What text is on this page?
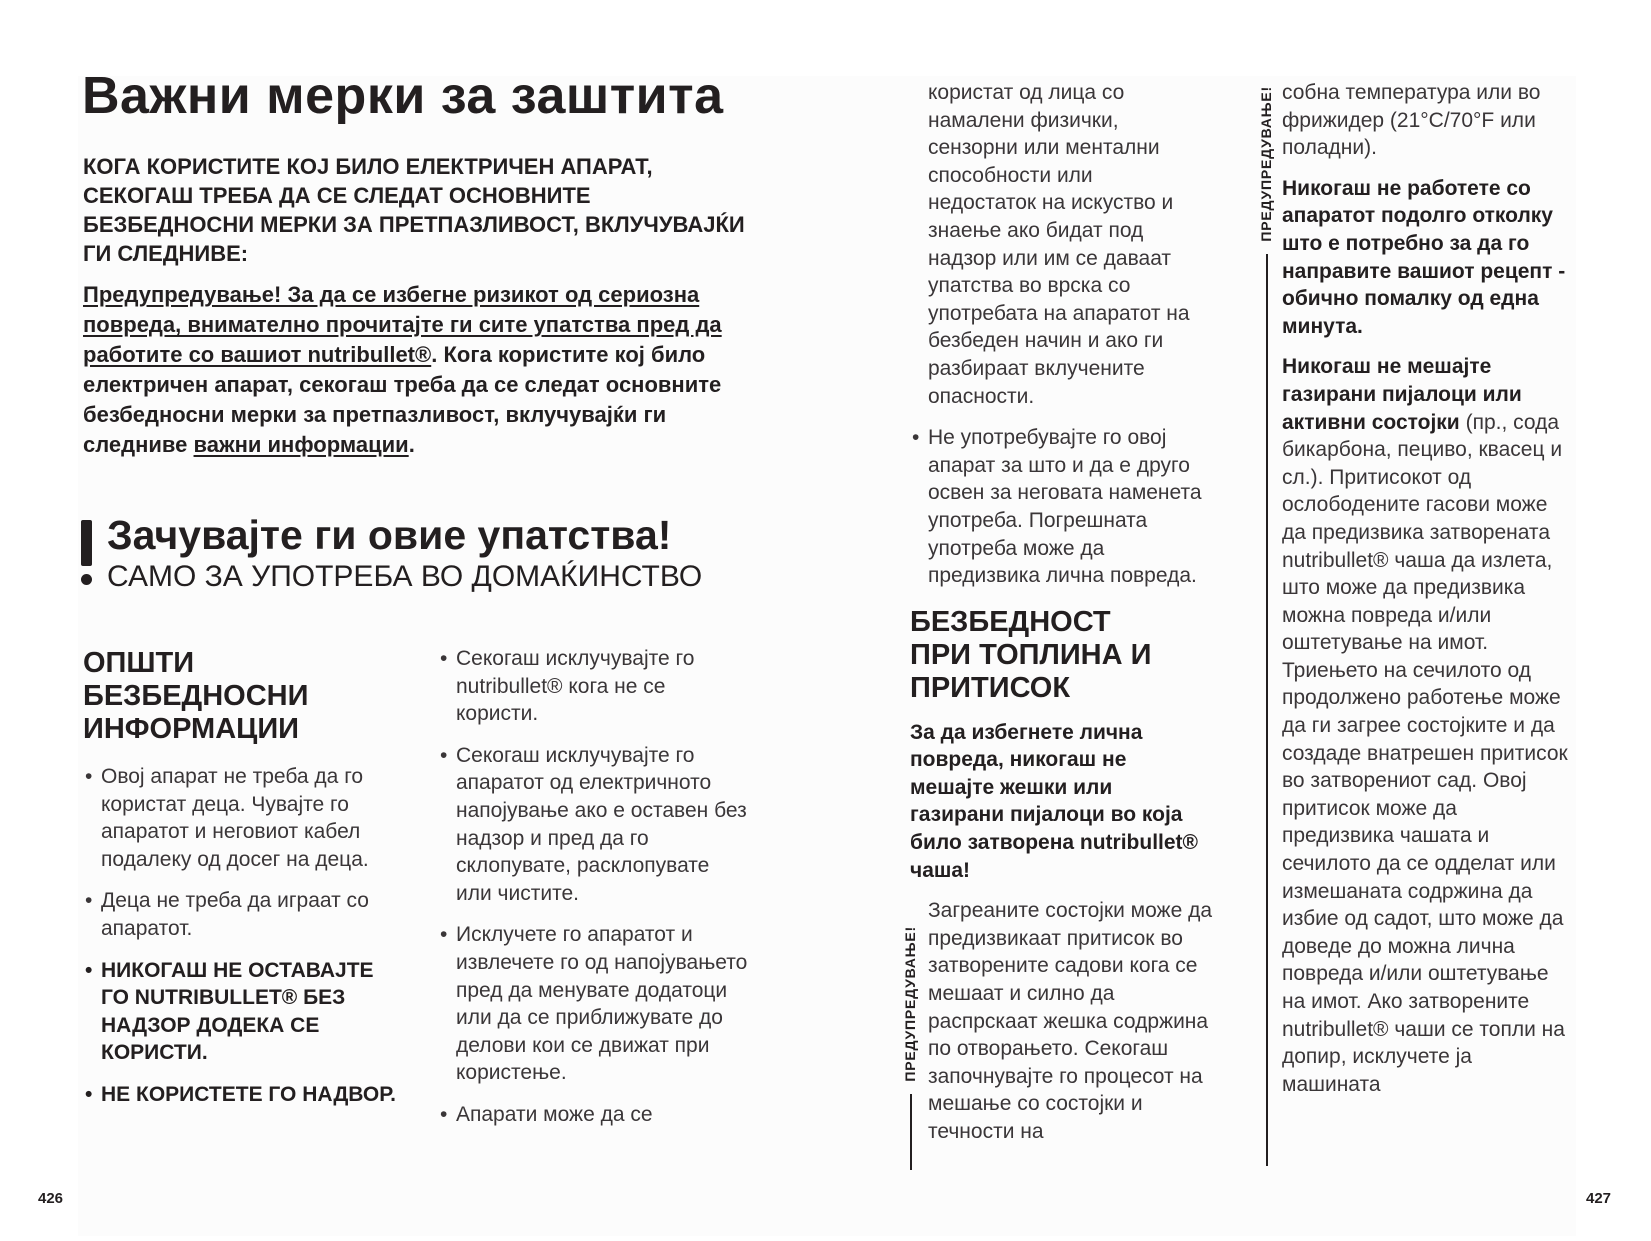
Важни мерки за заштита
КОГА КОРИСТИТЕ КОЈ БИЛО ЕЛЕКТРИЧЕН АПАРАТ, СЕКОГАШ ТРЕБА ДА СЕ СЛЕДАТ ОСНОВНИТЕ БЕЗБЕДНОСНИ МЕРКИ ЗА ПРЕТПАЗЛИВОСТ, ВКЛУЧУВАЈЌИ ГИ СЛЕДНИВЕ:
Предупредување! За да се избегне ризикот од сериозна повреда, внимателно прочитајте ги сите упатства пред да работите со вашиот nutribullet®. Кога користите кој било електричен апарат, секогаш треба да се следат основните безбедносни мерки за претпазливост, вклучувајќи ги следниве важни информации.
Зачувајте ги овие упатства!
САМО ЗА УПОТРЕБА ВО ДОМАЌИНСТВО
ОПШТИ БЕЗБЕДНОСНИ ИНФОРМАЦИИ
• Овој апарат не треба да го користат деца. Чувајте го апаратот и неговиот кабел подалеку од досег на деца.
• Деца не треба да играат со апаратот.
• НИКОГАШ НЕ ОСТАВАЈТЕ ГО NUTRIBULLET® БЕЗ НАДЗОР ДОДЕКА СЕ КОРИСТИ.
• НЕ КОРИСТЕТЕ ГО НАДВОР.
• Секогаш исклучувајте го nutribullet® кога не се користи.
• Секогаш исклучувајте го апаратот од електричното напојување ако е оставен без надзор и пред да го склопувате, расклопувате или чистите.
• Исклучете го апаратот и извлечете го од напојувањето пред да менувате додатоци или да се приближувате до делови кои се движат при користење.
• Апарати може да се
426
користат од лица со намалени физички, сензорни или ментални способности или недостаток на искуство и знаење ако бидат под надзор или им се даваат упатства во врска со употребата на апаратот на безбеден начин и ако ги разбираат вклучените опасности.
• Не употребувајте го овој апарат за што и да е друго освен за неговата наменета употреба. Погрешната употреба може да предизвика лична повреда.
БЕЗБЕДНОСТ ПРИ ТОПЛИНА И ПРИТИСОК
За да избегнете лична повреда, никогаш не мешајте жешки или газирани пијалоци во која било затворена nutribullet® чаша!
Загреаните состојки може да предизвикаат притисок во затворените садови кога се мешаат и силно да распрскаат жешка содржина по отворањето. Секогаш започнувајте го процесот на мешање со состојки и течности на
ПРЕДУПРЕДУВАЊЕ!
собна температура или во фрижидер (21°C/70°F или поладни).
Никогаш не работете со апаратот подолго отколку што е потребно за да го направите вашиот рецепт - обично помалку од една минута.
Никогаш не мешајте газирани пијалоци или активни состојки (пр., сода бикарбона, пециво, квасец и сл.). Притисокот од ослободените гасови може да предизвика затворената nutribullet® чаша да излета, што може да предизвика можна повреда и/или оштетување на имот. Триењето на сечилото од продолжено работење може да ги загрее состојките и да создаде внатрешен притисок во затворениот сад. Овој притисок може да предизвика чашата и сечилото да се одделат или измешаната содржина да избие од садот, што може да доведе до можна лична повреда и/или оштетување на имот. Ако затворените nutribullet® чаши се топли на допир, исклучете ја машината
ПРЕДУПРЕДУВАЊЕ!
427
